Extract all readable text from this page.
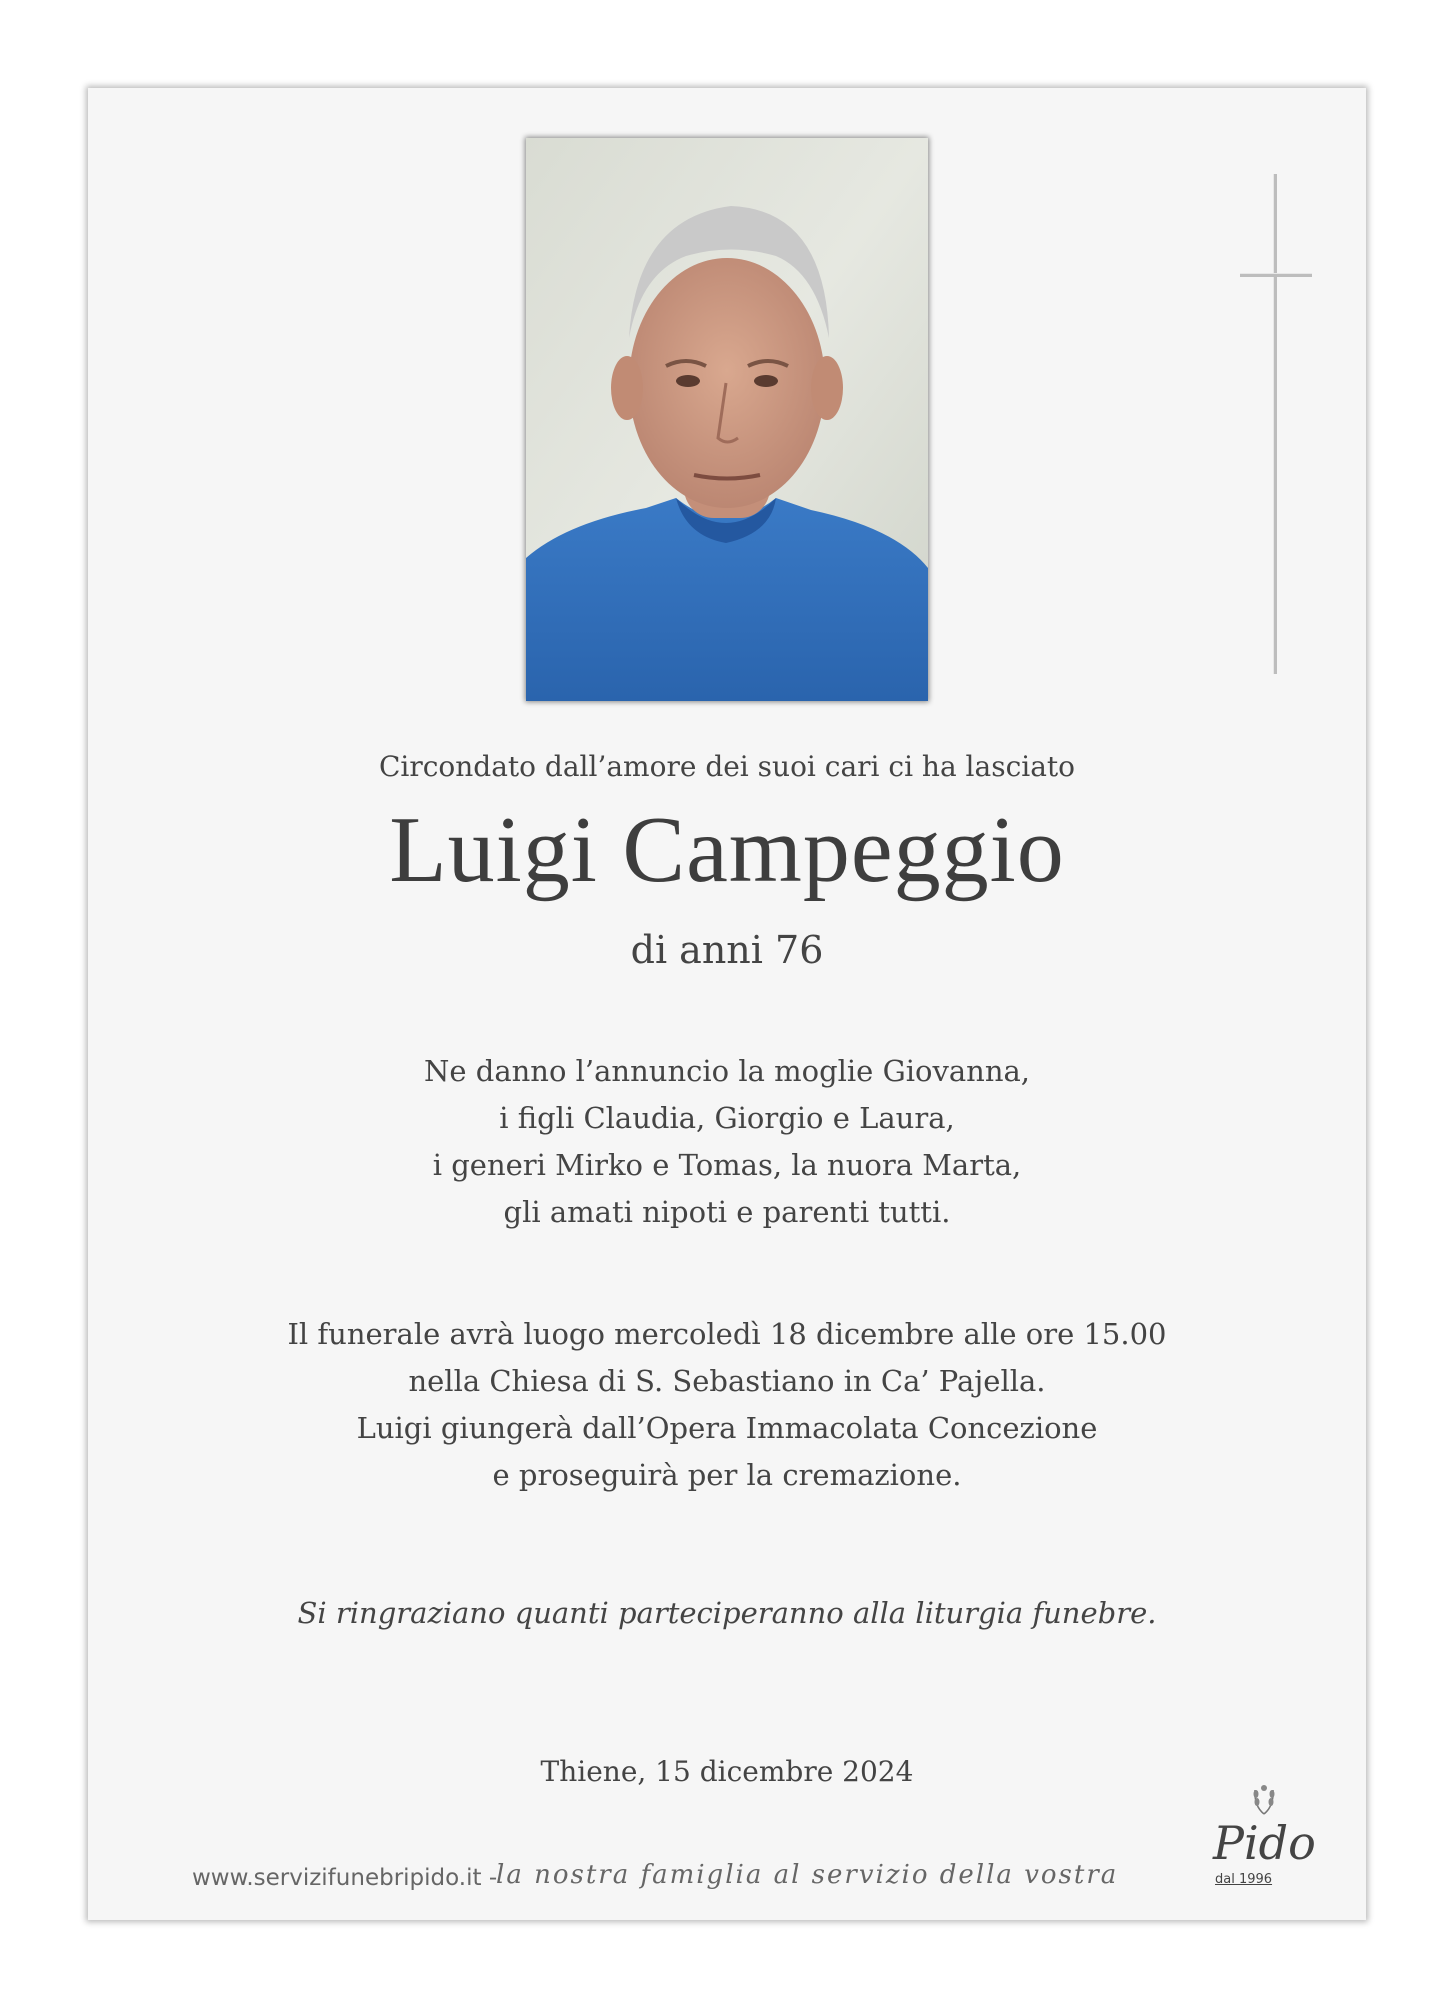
Circondato dall’amore dei suoi cari ci ha lasciato
Luigi Campeggio
di anni 76
Ne danno l’annuncio la moglie Giovanna,
i figli Claudia, Giorgio e Laura,
i generi Mirko e Tomas, la nuora Marta,
gli amati nipoti e parenti tutti.
Il funerale avrà luogo mercoledì 18 dicembre alle ore 15.00
nella Chiesa di S. Sebastiano in Ca’ Pajella.
Luigi giungerà dall’Opera Immacolata Concezione
e proseguirà per la cremazione.
Si ringraziano quanti parteciperanno alla liturgia funebre.
Thiene, 15 dicembre 2024
www.servizifunebripido.it -
la nostra famiglia al servizio della vostra
Pido
dal 1996
